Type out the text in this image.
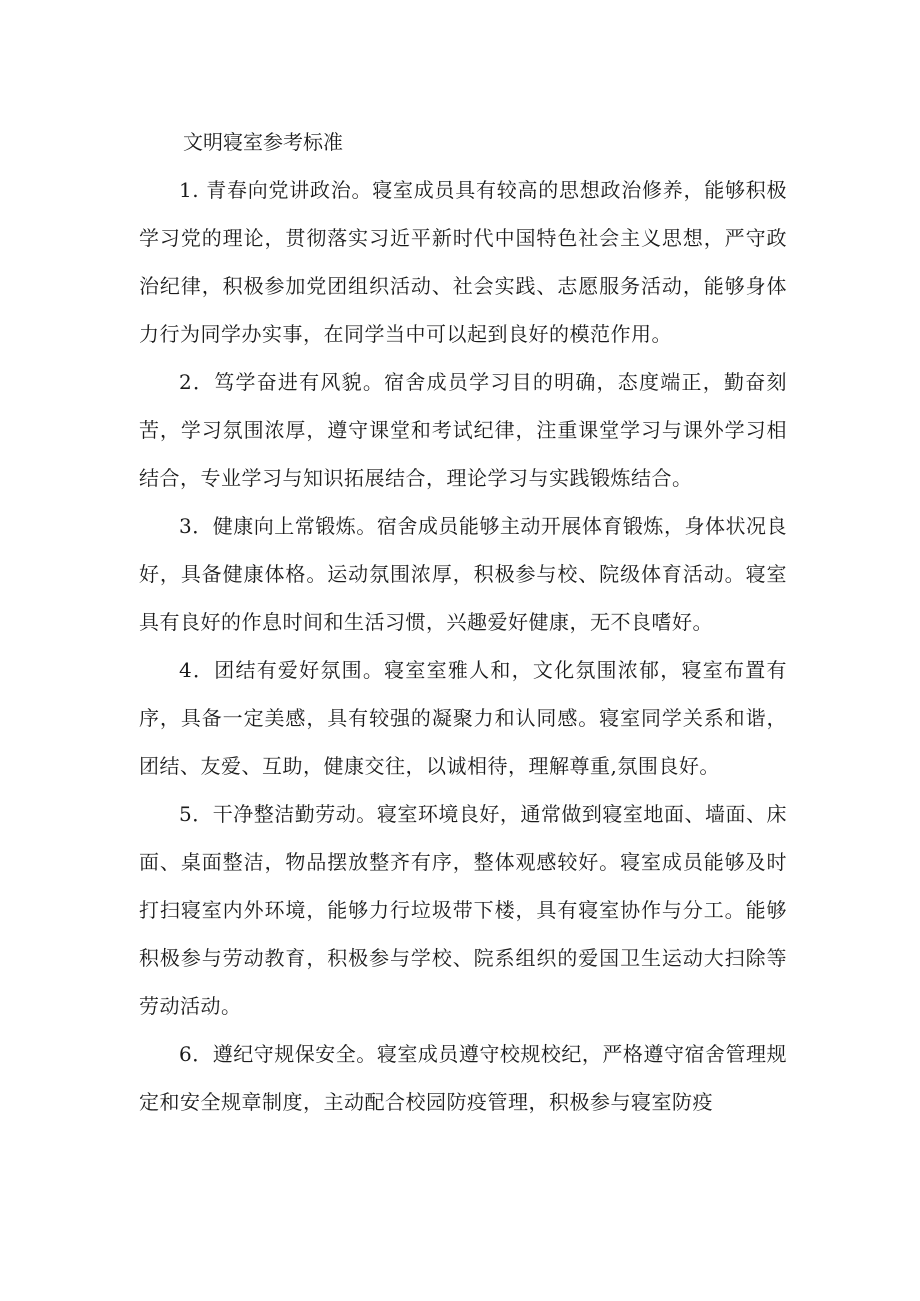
文明寝室参考标准

1. 青春向党讲政治。寝室成员具有较高的思想政治修养，能够积极学习党的理论，贯彻落实习近平新时代中国特色社会主义思想，严守政治纪律，积极参加党团组织活动、社会实践、志愿服务活动，能够身体力行为同学办实事，在同学当中可以起到良好的模范作用。

2．笃学奋进有风貌。宿舍成员学习目的明确，态度端正，勤奋刻苦，学习氛围浓厚，遵守课堂和考试纪律，注重课堂学习与课外学习相结合，专业学习与知识拓展结合，理论学习与实践锻炼结合。

3．健康向上常锻炼。宿舍成员能够主动开展体育锻炼，身体状况良好，具备健康体格。运动氛围浓厚，积极参与校、院级体育活动。寝室具有良好的作息时间和生活习惯，兴趣爱好健康，无不良嗜好。

4．团结有爱好氛围。寝室室雅人和，文化氛围浓郁，寝室布置有序，具备一定美感，具有较强的凝聚力和认同感。寝室同学关系和谐，团结、友爱、互助，健康交往，以诚相待，理解尊重,氛围良好。

5．干净整洁勤劳动。寝室环境良好，通常做到寝室地面、墙面、床面、桌面整洁，物品摆放整齐有序，整体观感较好。寝室成员能够及时打扫寝室内外环境，能够力行垃圾带下楼，具有寝室协作与分工。能够积极参与劳动教育，积极参与学校、院系组织的爱国卫生运动大扫除等劳动活动。

6．遵纪守规保安全。寝室成员遵守校规校纪，严格遵守宿舍管理规定和安全规章制度，主动配合校园防疫管理，积极参与寝室防疫
